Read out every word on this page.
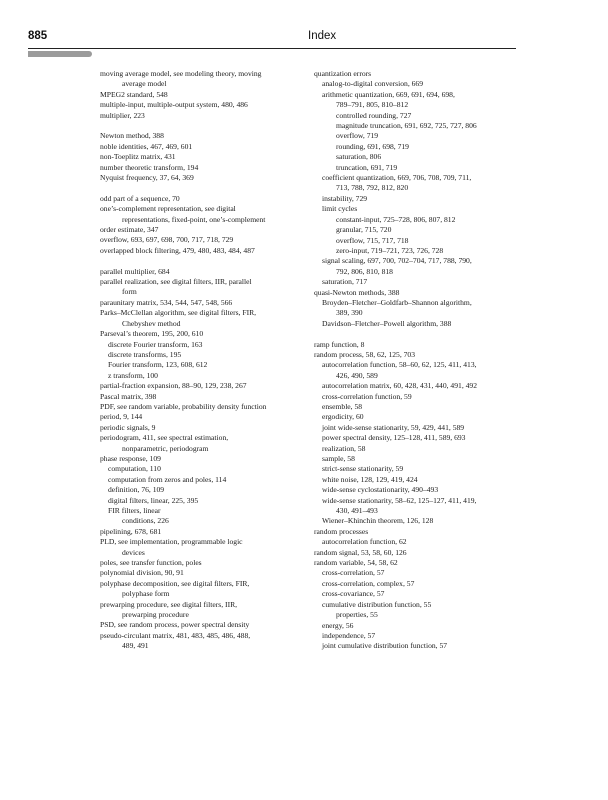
885	Index
moving average model, see modeling theory, moving
average model
MPEG2 standard, 548
multiple-input, multiple-output system, 480, 486
multiplier, 223
Newton method, 388
noble identities, 467, 469, 601
non-Toeplitz matrix, 431
number theoretic transform, 194
Nyquist frequency, 37, 64, 369
odd part of a sequence, 70
one’s-complement representation, see digital
representations, fixed-point, one’s-complement
order estimate, 347
overflow, 693, 697, 698, 700, 717, 718, 729
overlapped block filtering, 479, 480, 483, 484, 487
parallel multiplier, 684
parallel realization, see digital filters, IIR, parallel
form
paraunitary matrix, 534, 544, 547, 548, 566
Parks–McClellan algorithm, see digital filters, FIR,
Chebyshev method
Parseval’s theorem, 195, 200, 610
discrete Fourier transform, 163
discrete transforms, 195
Fourier transform, 123, 608, 612
z transform, 100
partial-fraction expansion, 88–90, 129, 238, 267
Pascal matrix, 398
PDF, see random variable, probability density function
period, 9, 144
periodic signals, 9
periodogram, 411, see spectral estimation,
nonparametric, periodogram
phase response, 109
computation, 110
computation from zeros and poles, 114
definition, 76, 109
digital filters, linear, 225, 395
FIR filters, linear
conditions, 226
pipelining, 678, 681
PLD, see implementation, programmable logic
devices
poles, see transfer function, poles
polynomial division, 90, 91
polyphase decomposition, see digital filters, FIR,
polyphase form
prewarping procedure, see digital filters, IIR,
prewarping procedure
PSD, see random process, power spectral density
pseudo-circulant matrix, 481, 483, 485, 486, 488,
489, 491
quantization errors
analog-to-digital conversion, 669
arithmetic quantization, 669, 691, 694, 698,
789–791, 805, 810–812
controlled rounding, 727
magnitude truncation, 691, 692, 725, 727, 806
overflow, 719
rounding, 691, 698, 719
saturation, 806
truncation, 691, 719
coefficient quantization, 669, 706, 708, 709, 711,
713, 788, 792, 812, 820
instability, 729
limit cycles
constant-input, 725–728, 806, 807, 812
granular, 715, 720
overflow, 715, 717, 718
zero-input, 719–721, 723, 726, 728
signal scaling, 697, 700, 702–704, 717, 788, 790,
792, 806, 810, 818
saturation, 717
quasi-Newton methods, 388
Broyden–Fletcher–Goldfarb–Shannon algorithm,
389, 390
Davidson–Fletcher–Powell algorithm, 388
ramp function, 8
random process, 58, 62, 125, 703
autocorrelation function, 58–60, 62, 125, 411, 413,
426, 490, 589
autocorrelation matrix, 60, 428, 431, 440, 491, 492
cross-correlation function, 59
ensemble, 58
ergodicity, 60
joint wide-sense stationarity, 59, 429, 441, 589
power spectral density, 125–128, 411, 589, 693
realization, 58
sample, 58
strict-sense stationarity, 59
white noise, 128, 129, 419, 424
wide-sense cyclostationarity, 490–493
wide-sense stationarity, 58–62, 125–127, 411, 419,
430, 491–493
Wiener–Khinchin theorem, 126, 128
random processes
autocorrelation function, 62
random signal, 53, 58, 60, 126
random variable, 54, 58, 62
cross-correlation, 57
cross-correlation, complex, 57
cross-covariance, 57
cumulative distribution function, 55
properties, 55
energy, 56
independence, 57
joint cumulative distribution function, 57
